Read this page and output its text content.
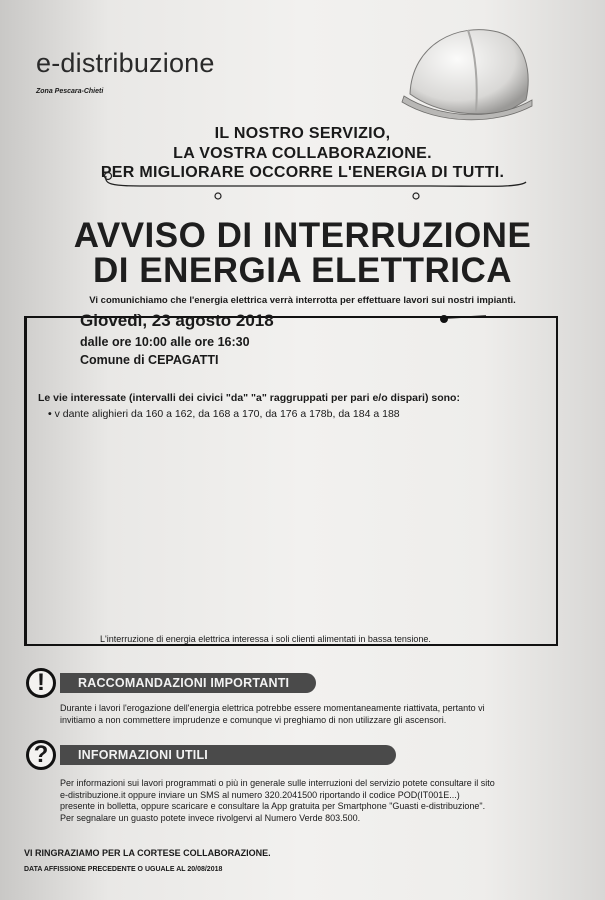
e-distribuzione
Zona Pescara-Chieti
IL NOSTRO SERVIZIO,
LA VOSTRA COLLABORAZIONE.
PER MIGLIORARE OCCORRE L'ENERGIA DI TUTTI.
AVVISO DI INTERRUZIONE
DI ENERGIA ELETTRICA
Vi comunichiamo che l'energia elettrica verrà interrotta per effettuare lavori sui nostri impianti.
Giovedì, 23 agosto 2018
dalle ore 10:00 alle ore 16:30
Comune di CEPAGATTI
Le vie interessate (intervalli dei civici "da" "a" raggruppati per pari e/o dispari) sono:
• v dante alighieri da 160 a 162, da 168 a 170, da 176 a 178b, da 184 a 188
L'interruzione di energia elettrica interessa i soli clienti alimentati in bassa tensione.
!	RACCOMANDAZIONI IMPORTANTI
Durante i lavori l'erogazione dell'energia elettrica potrebbe essere momentaneamente riattivata, pertanto vi
invitiamo a non commettere imprudenze e comunque vi preghiamo di non utilizzare gli ascensori.
?	INFORMAZIONI UTILI
Per informazioni sui lavori programmati o più in generale sulle interruzioni del servizio potete consultare il sito
e-distribuzione.it oppure inviare un SMS al numero 320.2041500 riportando il codice POD(IT001E...)
presente in bolletta, oppure scaricare e consultare la App gratuita per Smartphone "Guasti e-distribuzione".
Per segnalare un guasto potete invece rivolgervi al Numero Verde 803.500.
VI RINGRAZIAMO PER LA CORTESE COLLABORAZIONE.
DATA AFFISSIONE PRECEDENTE O UGUALE AL 20/08/2018
